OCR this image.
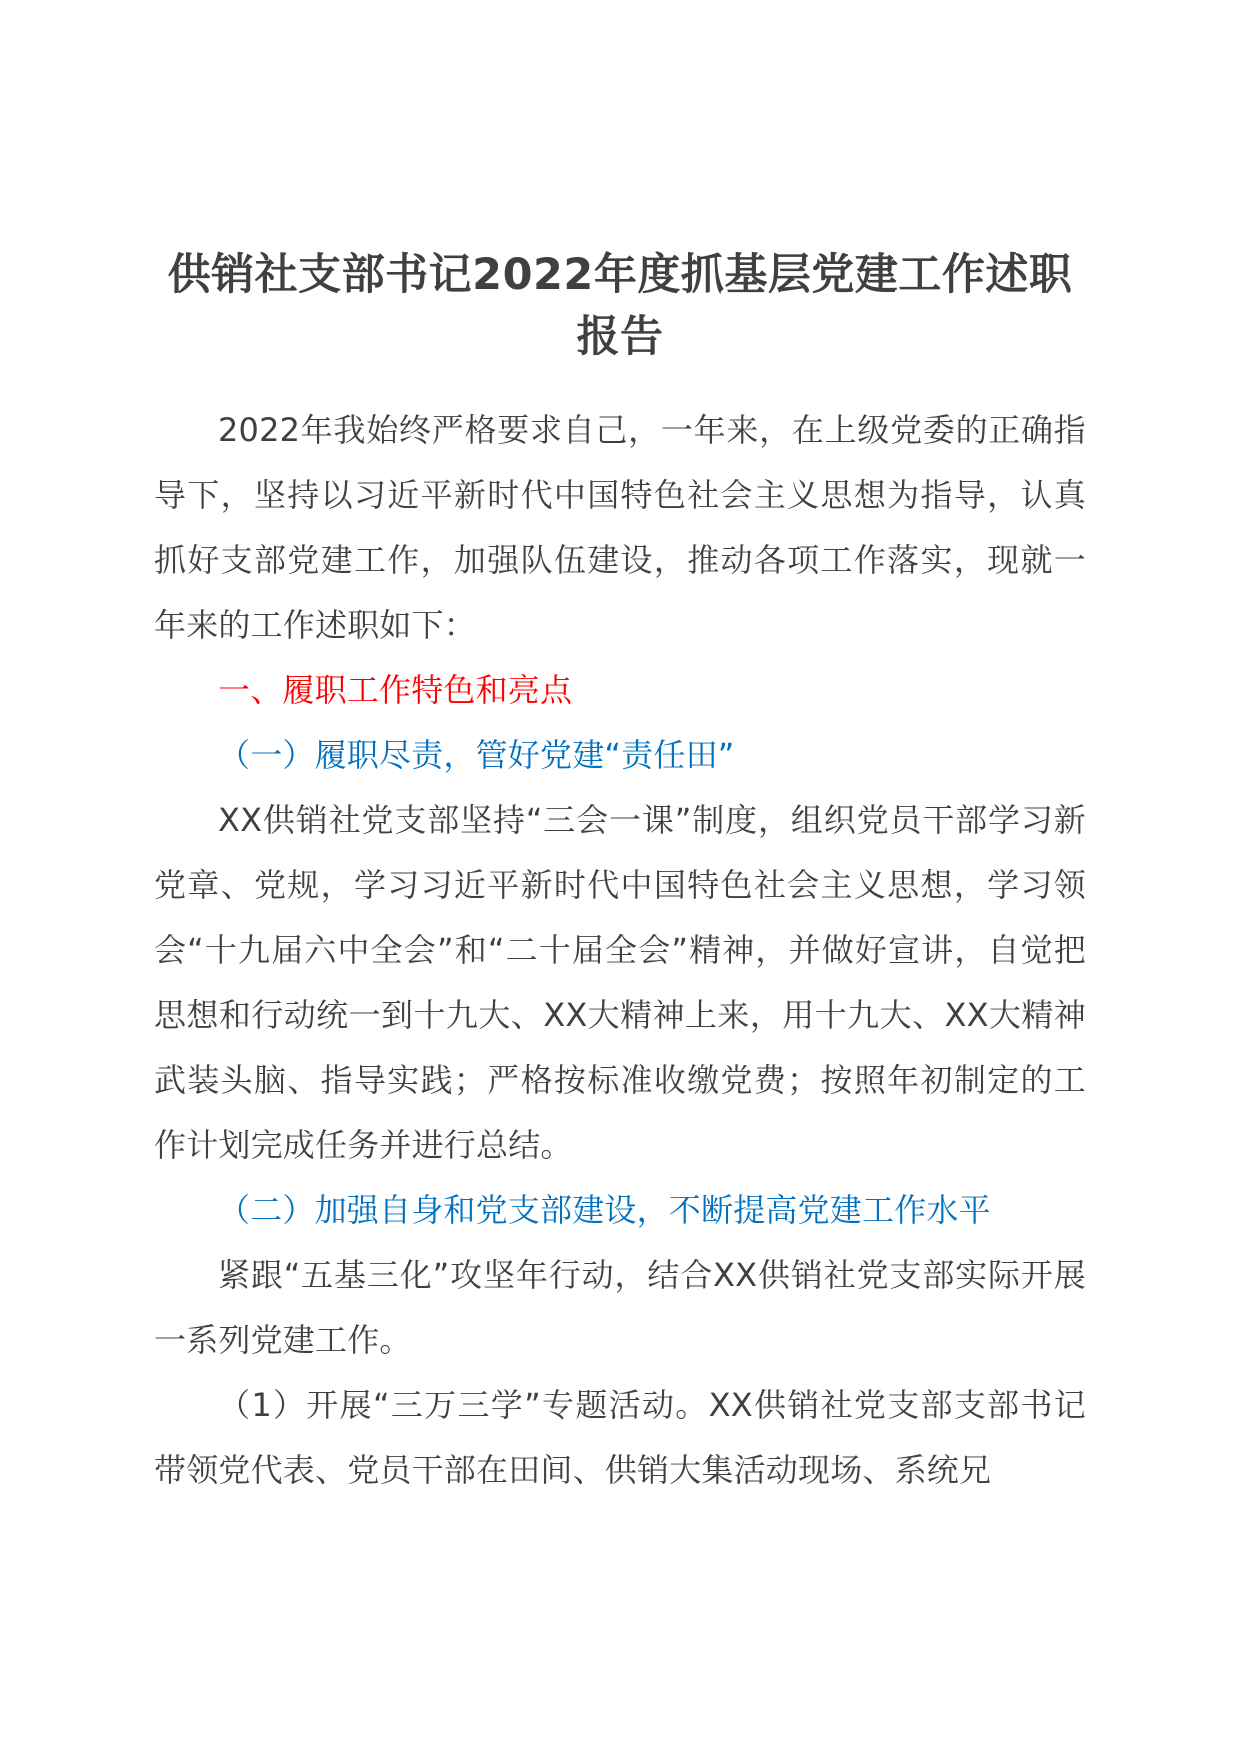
供销社支部书记2022年度抓基层党建工作述职报告

2022年我始终严格要求自己，一年来，在上级党委的正确指导下，坚持以习近平新时代中国特色社会主义思想为指导，认真抓好支部党建工作，加强队伍建设，推动各项工作落实，现就一年来的工作述职如下：

一、履职工作特色和亮点

（一）履职尽责，管好党建“责任田”

XX供销社党支部坚持“三会一课”制度，组织党员干部学习新党章、党规，学习习近平新时代中国特色社会主义思想，学习领会“十九届六中全会”和“二十届全会”精神，并做好宣讲，自觉把思想和行动统一到十九大、XX大精神上来，用十九大、XX大精神武装头脑、指导实践；严格按标准收缴党费；按照年初制定的工作计划完成任务并进行总结。

（二）加强自身和党支部建设，不断提高党建工作水平

紧跟“五基三化”攻坚年行动，结合XX供销社党支部实际开展一系列党建工作。

（1）开展“三万三学”专题活动。XX供销社党支部支部书记带领党代表、党员干部在田间、供销大集活动现场、系统兄
